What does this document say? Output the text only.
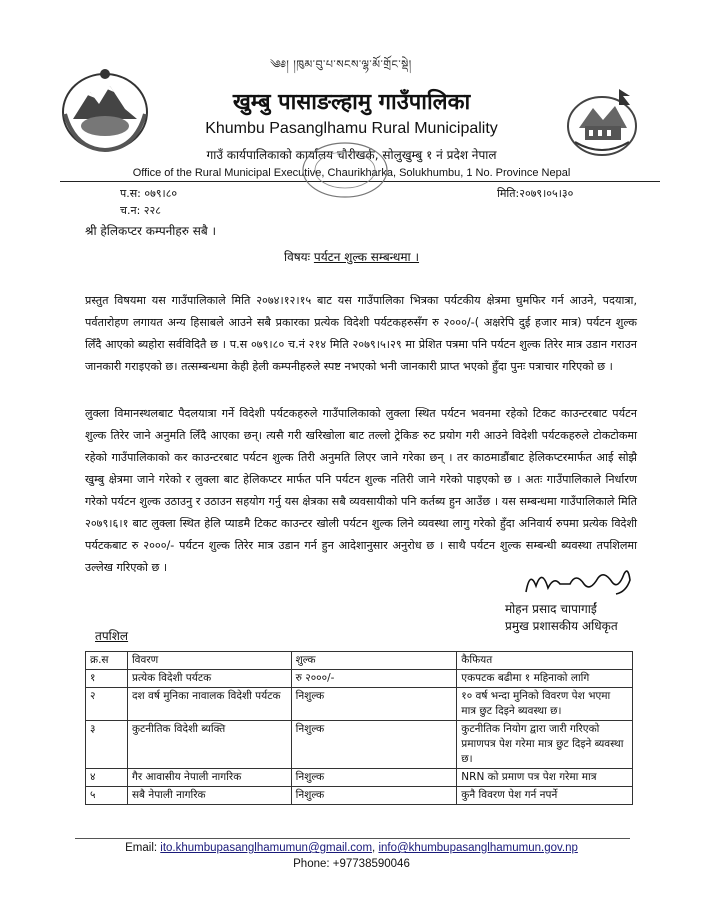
༄༅། །ཁུམ་བུ་པ་སངས་ལྷ་མོ་གྲོང་སྡེ།
खुम्बु पासाङल्हामु गाउँपालिका
Khumbu Pasanglhamu Rural Municipality
गाउँ कार्यपालिकाको कार्यालय चौरीखर्क, सोलुखुम्बु १ नं प्रदेश नेपाल
Office of the Rural Municipal Executive, Chaurikharka, Solukhumbu, 1 No. Province Nepal
प.स: ०७९।८०
च.न: २२८
मिति:२०७९।०५।३०
श्री हेलिकप्टर कम्पनीहरु सबै ।
विषयः पर्यटन शुल्क सम्बन्धमा ।

प्रस्तुत विषयमा यस गाउँपालिकाले मिति २०७४।१२।१५ बाट यस गाउँपालिका भित्रका पर्यटकीय क्षेत्रमा घुमफिर गर्न आउने, पदयात्रा, पर्वतारोहण लगायत अन्य हिसाबले आउने सबै प्रकारका प्रत्येक विदेशी पर्यटकहरुसँग रु २०००/-( अक्षरेपि दुई हजार मात्र) पर्यटन शुल्क लिँदै आएको ब्यहोरा सर्वविदितै छ । प.स ०७९।८० च.नं २१४ मिति २०७९।५।२९ मा प्रेशित पत्रमा पनि पर्यटन शुल्क तिरेर मात्र उडान गराउन जानकारी गराइएको छ। तत्सम्बन्धमा केही हेली कम्पनीहरुले स्पष्ट नभएको भनी जानकारी प्राप्त भएको हुँदा पुनः पत्राचार गरिएको छ ।

लुक्ला विमानस्थलबाट पैदलयात्रा गर्ने विदेशी पर्यटकहरुले गाउँपालिकाको लुक्ला स्थित पर्यटन भवनमा रहेको टिकट काउन्टरबाट पर्यटन शुल्क तिरेर जाने अनुमति लिँदै आएका छन्। त्यसै गरी खरिखोला बाट तल्लो ट्रेकिङ रुट प्रयोग गरी आउने विदेशी पर्यटकहरुले टोकटोकमा रहेको गाउँपालिकाको कर काउन्टरबाट पर्यटन शुल्क तिरी अनुमति लिएर जाने गरेका छन् । तर काठमाडौंबाट हेलिकप्टरमार्फत आई सोझै खुम्बु क्षेत्रमा जाने गरेको र लुक्ला बाट हेलिकप्टर मार्फत पनि पर्यटन शुल्क नतिरी जाने गरेको पाइएको छ । अतः गाउँपालिकाले निर्धारण गरेको पर्यटन शुल्क उठाउनु र उठाउन सहयोग गर्नु यस क्षेत्रका सबै व्यवसायीको पनि कर्तब्य हुन आउँछ । यस सम्बन्धमा गाउँपालिकाले मिति २०७९।६।१ बाट लुक्ला स्थित हेलि प्याडमै टिकट काउन्टर खोली पर्यटन शुल्क लिने व्यवस्था लागु गरेको हुँदा अनिवार्य रुपमा प्रत्येक विदेशी पर्यटकबाट रु २०००/- पर्यटन शुल्क तिरेर मात्र उडान गर्न हुन आदेशानुसार अनुरोध छ । साथै पर्यटन शुल्क सम्बन्धी ब्यवस्था तपशिलमा उल्लेख गरिएको छ ।

मोहन प्रसाद चापागाईं
प्रमुख प्रशासकीय अधिकृत
तपशिल
क्र.स	विवरण	शुल्क	कैफियत
१	प्रत्येक विदेशी पर्यटक	रु २०००/-	एकपटक बढीमा १ महिनाको लागि
२	दश वर्ष मुनिका नावालक विदेशी पर्यटक	निशुल्क	१० वर्ष भन्दा मुनिको विवरण पेश भएमा मात्र छुट दिइने ब्यवस्था छ।
३	कुटनीतिक विदेशी ब्यक्ति	निशुल्क	कुटनीतिक नियोग द्वारा जारी गरिएको प्रमाणपत्र पेश गरेमा मात्र छुट दिइने ब्यवस्था छ।
४	गैर आवासीय नेपाली नागरिक	निशुल्क	NRN को प्रमाण पत्र पेश गरेमा मात्र
५	सबै नेपाली नागरिक	निशुल्क	कुनै विवरण पेश गर्न नपर्ने
Email: ito.khumbupasanglhamumun@gmail.com, info@khumbupasanglhamumun.gov.np
Phone: +97738590046
